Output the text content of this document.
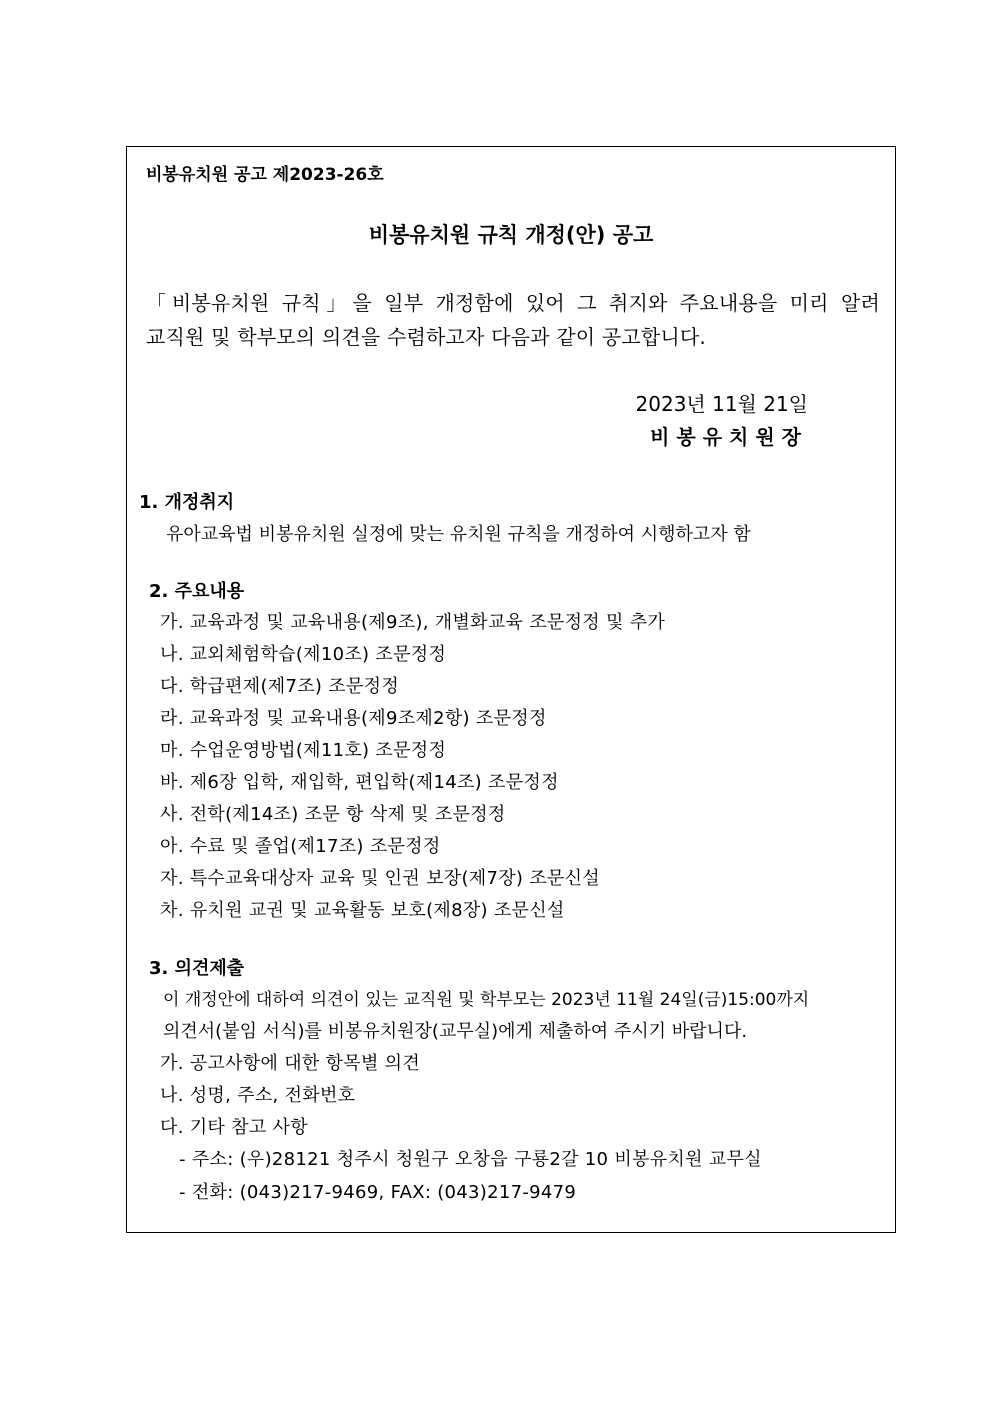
비봉유치원 공고 제2023-26호
비봉유치원 규칙 개정(안) 공고
「비봉유치원 규칙」을 일부 개정함에 있어 그 취지와 주요내용을 미리 알려
교직원 및 학부모의 의견을 수렴하고자 다음과 같이 공고합니다.
2023년 11월 21일
비봉유치원장
1. 개정취지
유아교육법 비봉유치원 실정에 맞는 유치원 규칙을 개정하여 시행하고자 함
2. 주요내용
가. 교육과정 및 교육내용(제9조), 개별화교육 조문정정 및 추가
나. 교외체험학습(제10조) 조문정정
다. 학급편제(제7조) 조문정정
라. 교육과정 및 교육내용(제9조제2항) 조문정정
마. 수업운영방법(제11호) 조문정정
바. 제6장 입학, 재입학, 편입학(제14조) 조문정정
사. 전학(제14조) 조문 항 삭제 및 조문정정
아. 수료 및 졸업(제17조) 조문정정
자. 특수교육대상자 교육 및 인권 보장(제7장) 조문신설
차. 유치원 교권 및 교육활동 보호(제8장) 조문신설
3. 의견제출
이 개정안에 대하여 의견이 있는 교직원 및 학부모는 2023년 11월 24일(금)15:00까지
의견서(붙임 서식)를 비봉유치원장(교무실)에게 제출하여 주시기 바랍니다.
가. 공고사항에 대한 항목별 의견
나. 성명, 주소, 전화번호
다. 기타 참고 사항
- 주소: (우)28121 청주시 청원구 오창읍 구룡2갈 10 비봉유치원 교무실
- 전화: (043)217-9469, FAX: (043)217-9479
